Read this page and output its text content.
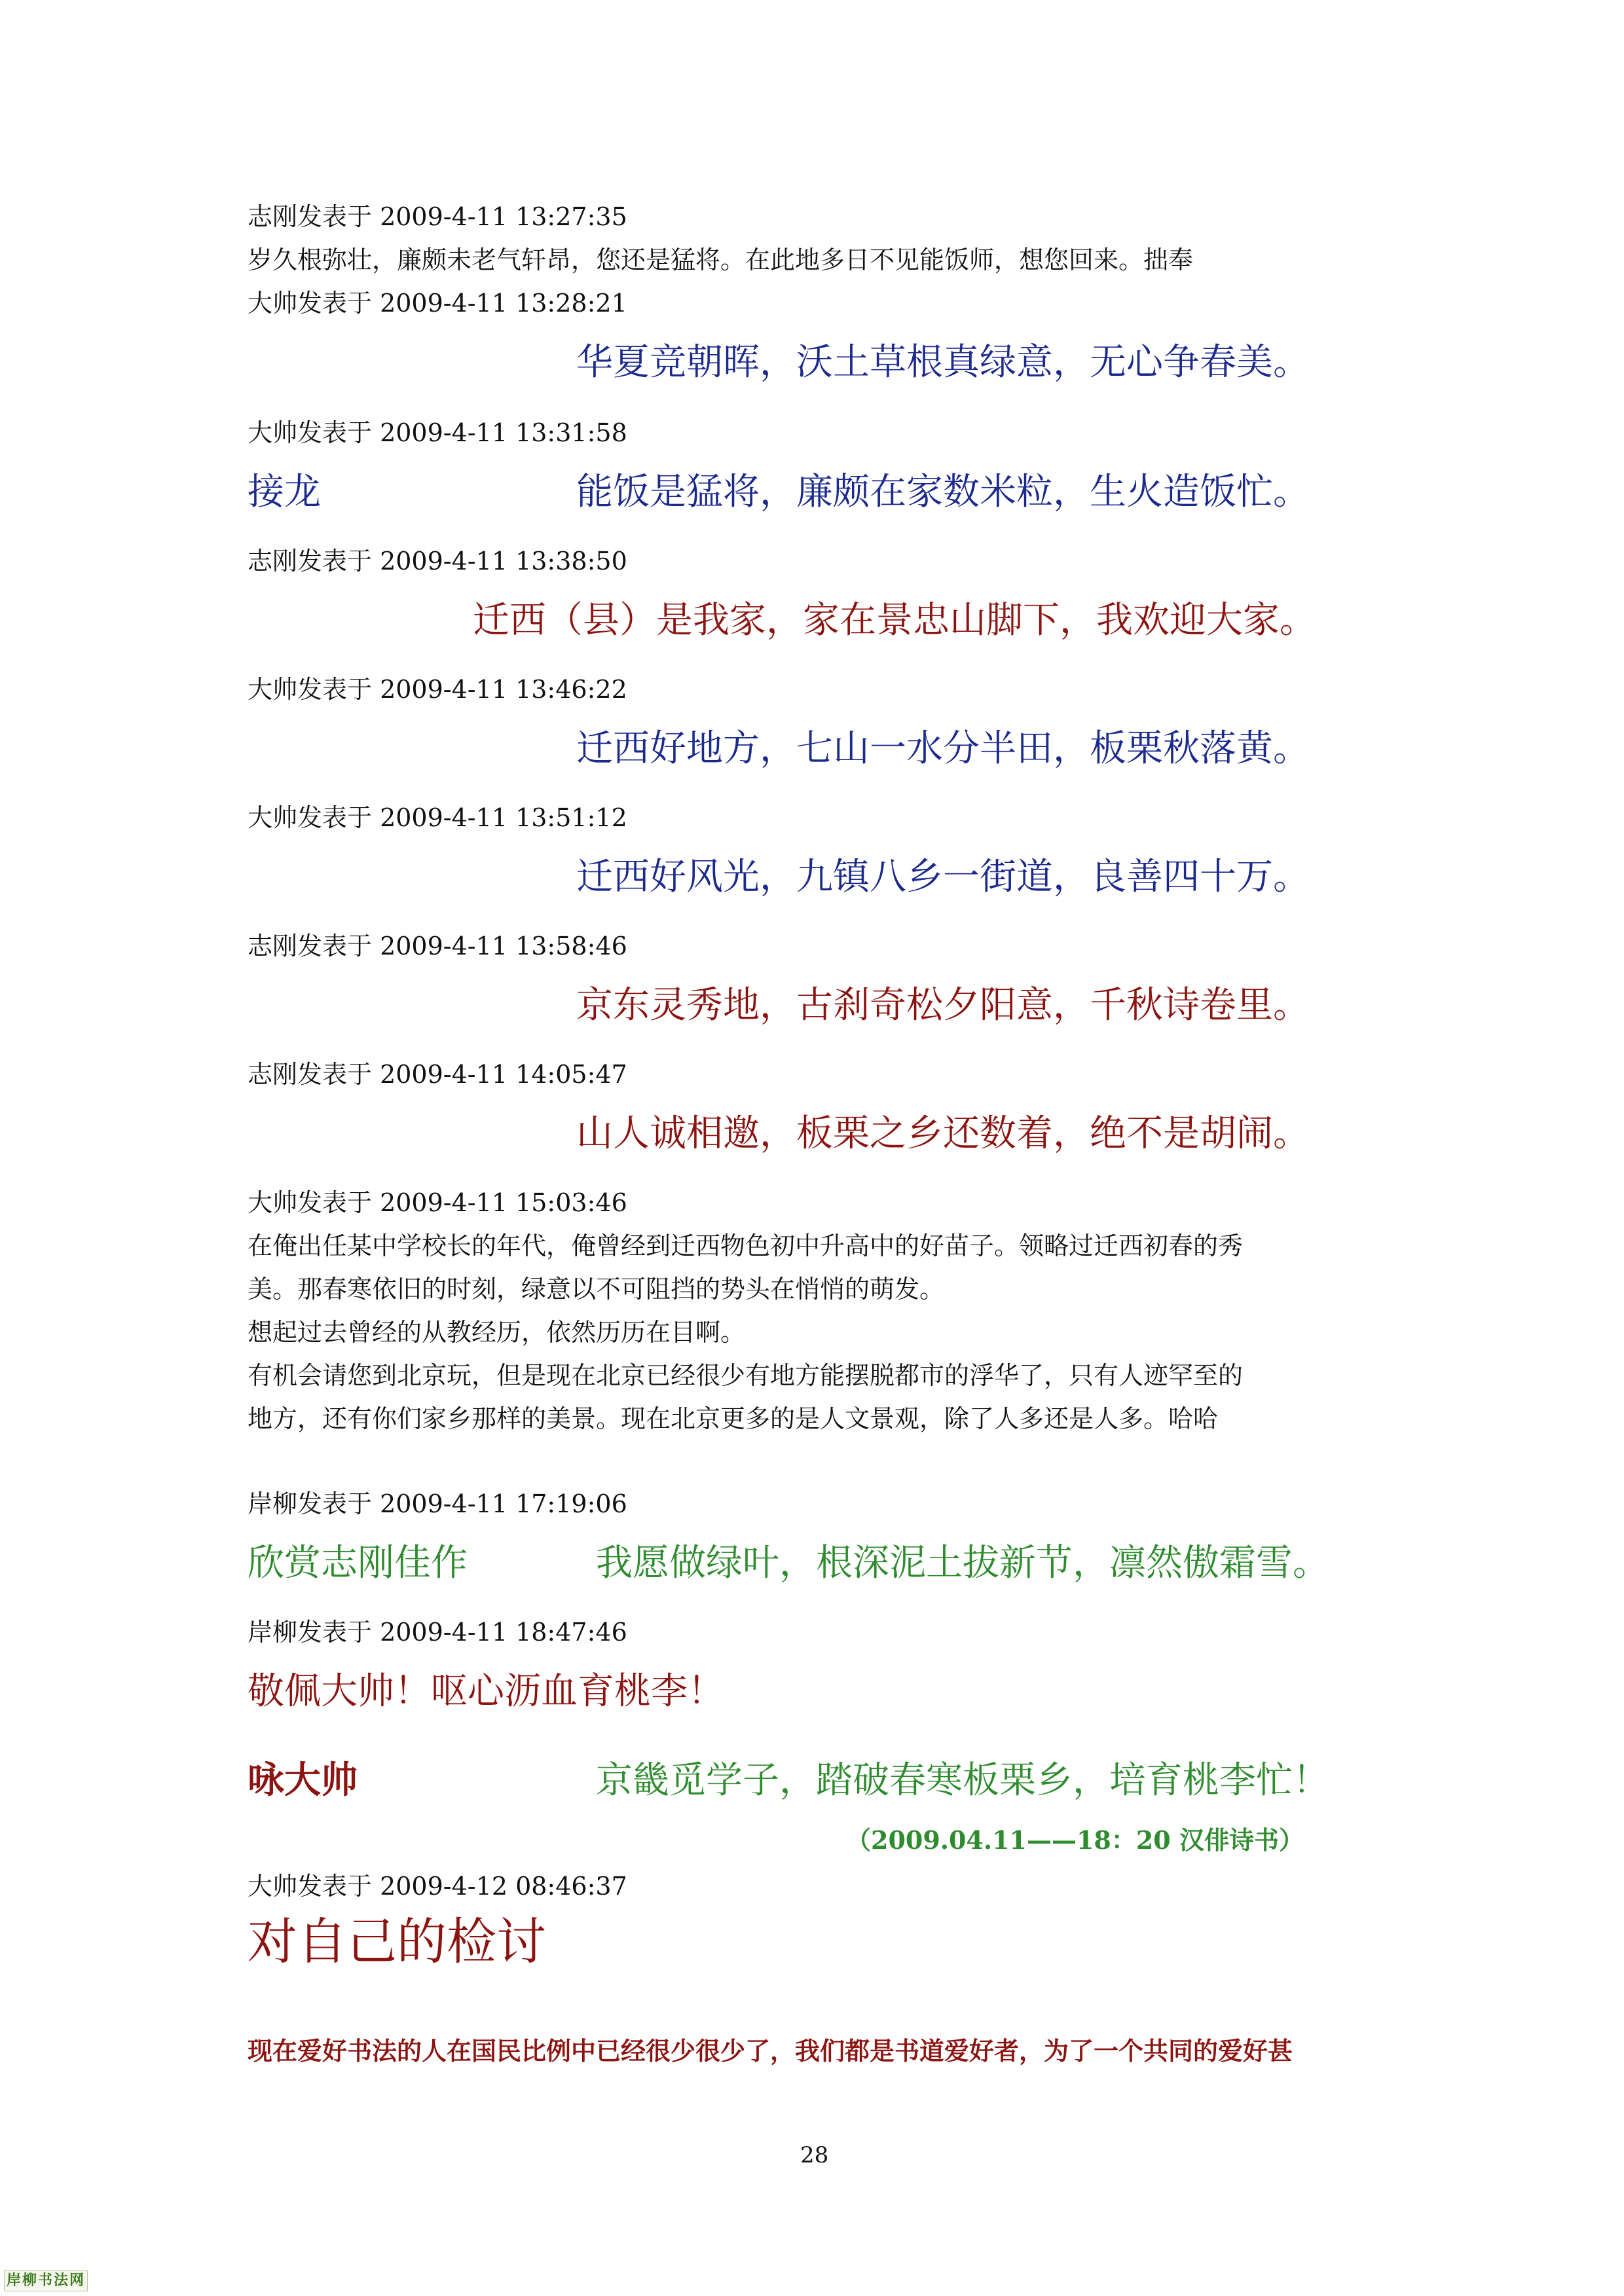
志刚发表于 2009-4-11 13:27:35
岁久根弥壮，廉颇未老气轩昂，您还是猛将。在此地多日不见能饭师，想您回来。拙奉
大帅发表于 2009-4-11 13:28:21
华夏竞朝晖，沃土草根真绿意，无心争春美。
大帅发表于 2009-4-11 13:31:58
接龙	能饭是猛将，廉颇在家数米粒，生火造饭忙。
志刚发表于 2009-4-11 13:38:50
迁西（县）是我家，家在景忠山脚下，我欢迎大家。
大帅发表于 2009-4-11 13:46:22
迁西好地方，七山一水分半田，板栗秋落黄。
大帅发表于 2009-4-11 13:51:12
迁西好风光，九镇八乡一街道，良善四十万。
志刚发表于 2009-4-11 13:58:46
京东灵秀地，古刹奇松夕阳意，千秋诗卷里。
志刚发表于 2009-4-11 14:05:47
山人诚相邀，板栗之乡还数着，绝不是胡闹。
大帅发表于 2009-4-11 15:03:46
在俺出任某中学校长的年代，俺曾经到迁西物色初中升高中的好苗子。领略过迁西初春的秀
美。那春寒依旧的时刻，绿意以不可阻挡的势头在悄悄的萌发。
想起过去曾经的从教经历，依然历历在目啊。
有机会请您到北京玩，但是现在北京已经很少有地方能摆脱都市的浮华了，只有人迹罕至的
地方，还有你们家乡那样的美景。现在北京更多的是人文景观，除了人多还是人多。哈哈
岸柳发表于 2009-4-11 17:19:06
欣赏志刚佳作	我愿做绿叶，根深泥土拔新节，凛然傲霜雪。
岸柳发表于 2009-4-11 18:47:46
敬佩大帅！呕心沥血育桃李！
咏大帅	京畿觅学子，踏破春寒板栗乡，培育桃李忙！
（2009.04.11——18：20 汉俳诗书）
大帅发表于 2009-4-12 08:46:37
对自己的检讨
现在爱好书法的人在国民比例中已经很少很少了，我们都是书道爱好者，为了一个共同的爱好甚
28
岸柳书法网
